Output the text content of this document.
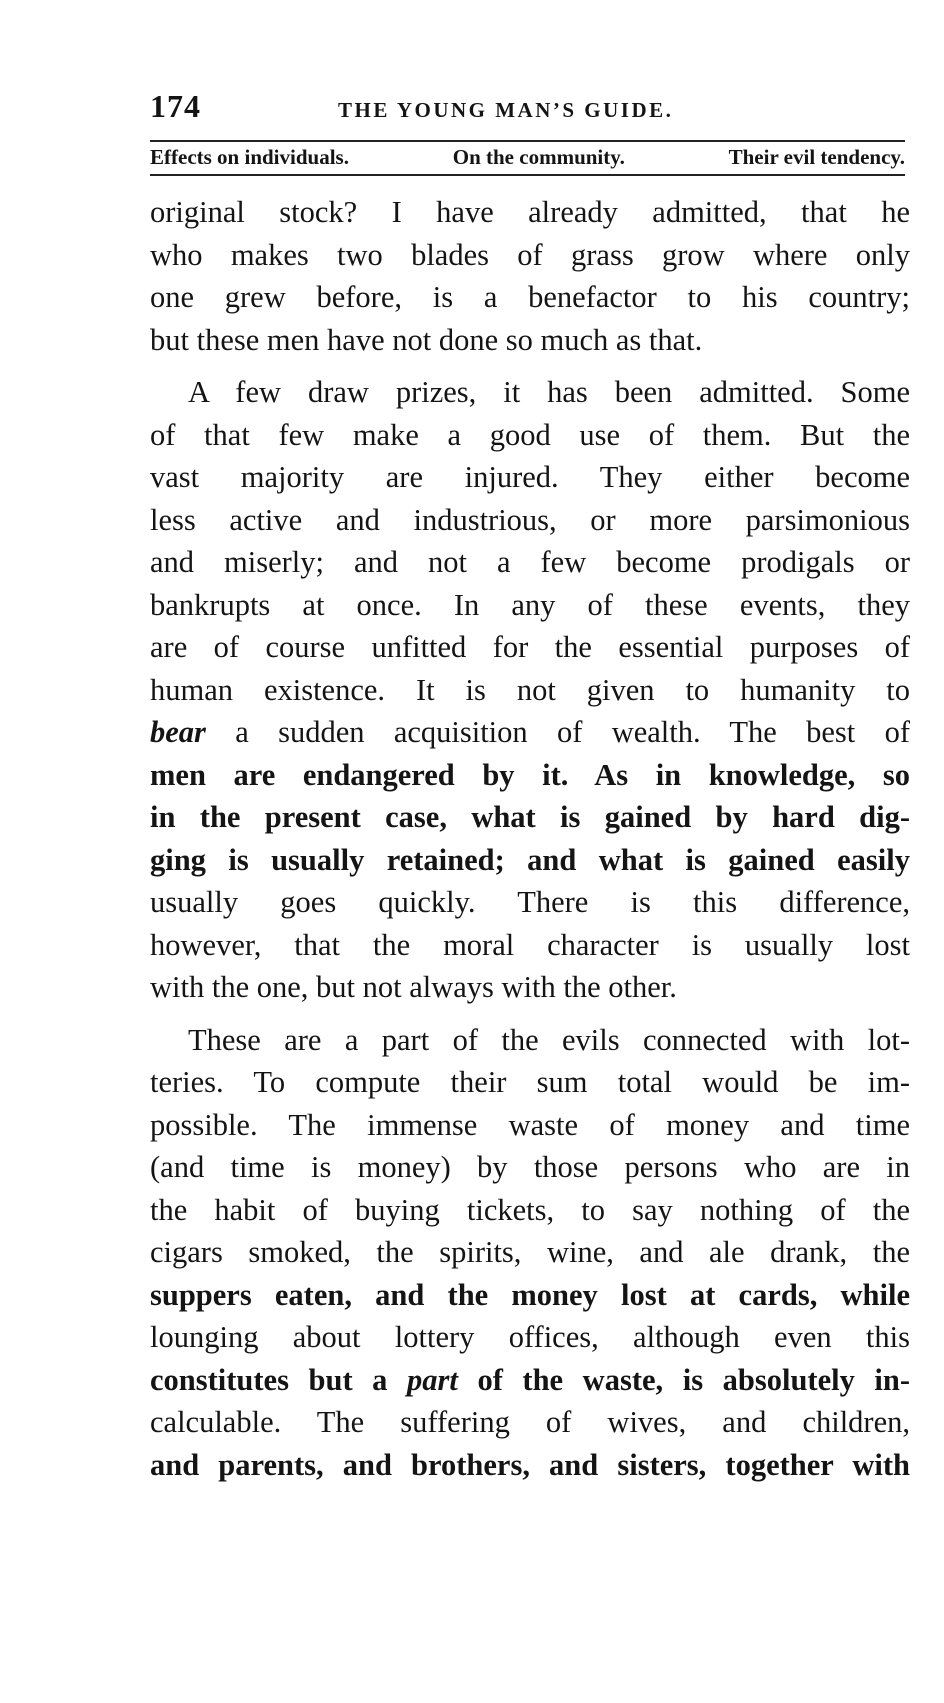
174	THE YOUNG MAN’S GUIDE.
Effects on individuals.	On the community.	Their evil tendency.
original stock? I have already admitted, that he
who makes two blades of grass grow where only
one grew before, is a benefactor to his country;
but these men have not done so much as that.
A few draw prizes, it has been admitted. Some
of that few make a good use of them. But the
vast majority are injured. They either become
less active and industrious, or more parsimonious
and miserly; and not a few become prodigals or
bankrupts at once. In any of these events, they
are of course unfitted for the essential purposes of
human existence. It is not given to humanity to
bear a sudden acquisition of wealth. The best of
men are endangered by it. As in knowledge, so
in the present case, what is gained by hard dig-
ging is usually retained; and what is gained easily
usually goes quickly. There is this difference,
however, that the moral character is usually lost
with the one, but not always with the other.
These are a part of the evils connected with lot-
teries. To compute their sum total would be im-
possible. The immense waste of money and time
(and time is money) by those persons who are in
the habit of buying tickets, to say nothing of the
cigars smoked, the spirits, wine, and ale drank, the
suppers eaten, and the money lost at cards, while
lounging about lottery offices, although even this
constitutes but a part of the waste, is absolutely in-
calculable. The suffering of wives, and children,
and parents, and brothers, and sisters, together with
